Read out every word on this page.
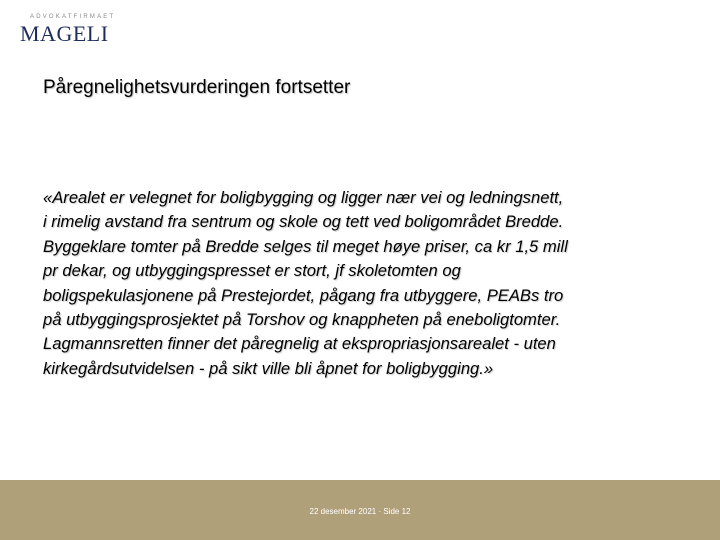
ADVOKATFIRMAET
MAGELI
Påregnelighetsvurderingen fortsetter

«Arealet er velegnet for boligbygging og ligger nær vei og ledningsnett,
i rimelig avstand fra sentrum og skole og tett ved boligområdet Bredde.
Byggeklare tomter på Bredde selges til meget høye priser, ca kr 1,5 mill
pr dekar, og utbyggingspresset er stort, jf skoletomten og
boligspekulasjonene på Prestejordet, pågang fra utbyggere, PEABs tro
på utbyggingsprosjektet på Torshov og knappheten på eneboligtomter.
Lagmannsretten finner det påregnelig at ekspropriasjonsarealet - uten
kirkegårdsutvidelsen - på sikt ville bli åpnet for boligbygging.»

22 desember 2021 · Side 12
